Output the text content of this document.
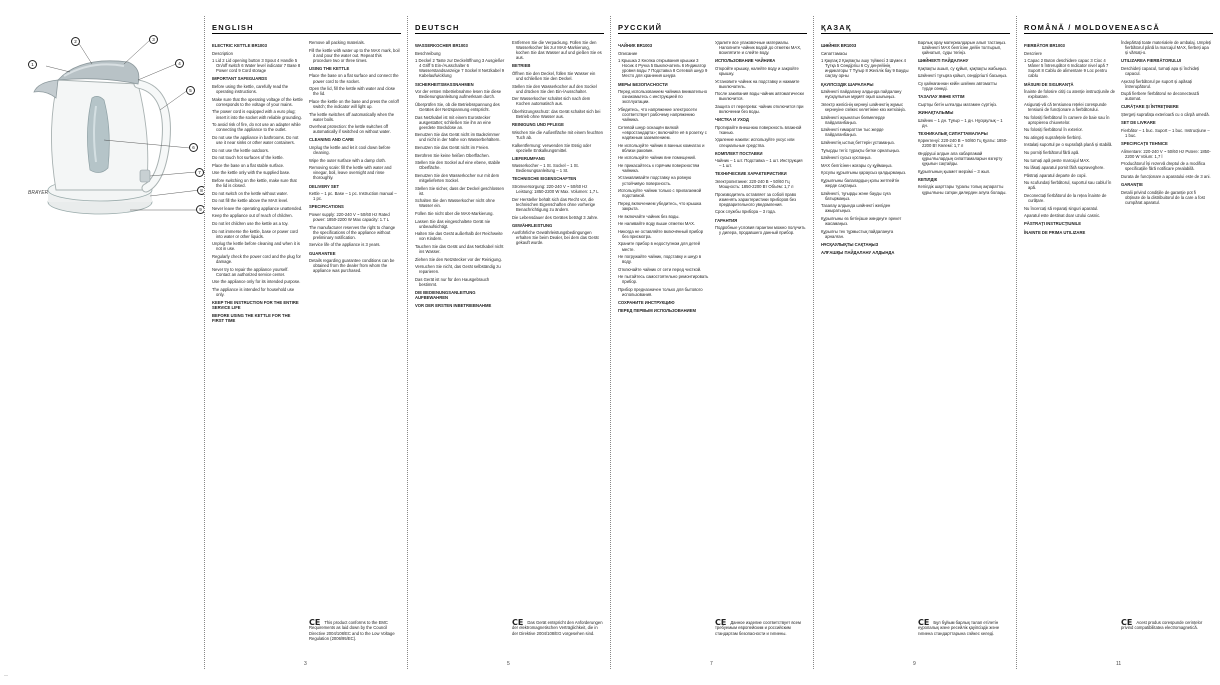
1
2	3
4
5
6
7
8
9
BRAYER
—
ENGLISH

ELECTRIC KETTLE BR1003

Description

1 Lid 2 Lid opening button 3 Spout 4 Handle 5 On/off switch 6 Water level indicator 7 Base 8 Power cord 9 Cord storage

IMPORTANT SAFEGUARDS

Before using the kettle, carefully read the operating instructions.

Make sure that the operating voltage of the kettle corresponds to the voltage of your mains.

The power cord is equipped with a euro plug; insert it into the socket with reliable grounding.

To avoid risk of fire, do not use an adapter while connecting the appliance to the outlet.

Do not use the appliance in bathrooms. Do not use it near sinks or other water containers.

Do not use the kettle outdoors.

Do not touch hot surfaces of the kettle.

Place the base on a flat stable surface.

Use the kettle only with the supplied base.

Before switching on the kettle, make sure that the lid is closed.

Do not switch on the kettle without water.

Do not fill the kettle above the MAX level.

Never leave the operating appliance unattended.

Keep the appliance out of reach of children.

Do not let children use the kettle as a toy.

Do not immerse the kettle, base or power cord into water or other liquids.

Unplug the kettle before cleaning and when it is not in use.

Regularly check the power cord and the plug for damage.

Never try to repair the appliance yourself. Contact an authorized service center.

Use the appliance only for its intended purpose.

The appliance is intended for household use only.

KEEP THE INSTRUCTION FOR THE ENTIRE SERVICE LIFE

BEFORE USING THE KETTLE FOR THE FIRST TIME

Remove all packing materials.

Fill the kettle with water up to the MAX mark, boil it and pour the water out. Repeat this procedure two or three times.

USING THE KETTLE

Place the base on a flat surface and connect the power cord to the socket.

Open the lid, fill the kettle with water and close the lid.

Place the kettle on the base and press the on/off switch; the indicator will light up.

The kettle switches off automatically when the water boils.

Overheat protection: the kettle switches off automatically if switched on without water.

CLEANING AND CARE

Unplug the kettle and let it cool down before cleaning.

Wipe the outer surface with a damp cloth.

Removing scale: fill the kettle with water and vinegar, boil, leave overnight and rinse thoroughly.

DELIVERY SET

Kettle – 1 pc. Base – 1 pc. Instruction manual – 1 pc.

SPECIFICATIONS

Power supply: 220-240 V ~ 50/60 Hz Rated power: 1850-2200 W Max capacity: 1.7 L

The manufacturer reserves the right to change the specifications of the appliance without preliminary notification.

Service life of the appliance is 3 years.

GUARANTEE

Details regarding guarantee conditions can be obtained from the dealer from whom the appliance was purchased.

CE This product conforms to the EMC Requirements as laid down by the Council Directive 2004/108/EC and to the Low Voltage Regulation (2006/95/EC).
3
DEUTSCH

WASSERKOCHER BR1003

Beschreibung

1 Deckel 2 Taste zur Deckelöffnung 3 Ausgießer 4 Griff 5 Ein-/Ausschalter 6 Wasserstandsanzeige 7 Sockel 8 Netzkabel 9 Kabelaufwicklung

SICHERHEITSMASSNAHMEN

Vor der ersten Inbetriebnahme lesen Sie diese Bedienungsanleitung aufmerksam durch.

Überprüfen Sie, ob die Betriebsspannung des Gerätes der Netzspannung entspricht.

Das Netzkabel ist mit einem Eurostecker ausgestattet; schließen Sie ihn an eine geerdete Steckdose an.

Benutzen Sie das Gerät nicht im Badezimmer und nicht in der Nähe von Wasserbehältern.

Benutzen Sie das Gerät nicht im Freien.

Berühren Sie keine heißen Oberflächen.

Stellen Sie den Sockel auf eine ebene, stabile Oberfläche.

Benutzen Sie den Wasserkocher nur mit dem mitgelieferten Sockel.

Stellen Sie sicher, dass der Deckel geschlossen ist.

Schalten Sie den Wasserkocher nicht ohne Wasser ein.

Füllen Sie nicht über die MAX-Markierung.

Lassen Sie das eingeschaltete Gerät nie unbeaufsichtigt.

Halten Sie das Gerät außerhalb der Reichweite von Kindern.

Tauchen Sie das Gerät und das Netzkabel nicht ins Wasser.

Ziehen Sie den Netzstecker vor der Reinigung.

Versuchen Sie nicht, das Gerät selbständig zu reparieren.

Das Gerät ist nur für den Hausgebrauch bestimmt.

DIE BEDIENUNGSANLEITUNG AUFBEWAHREN

VOR DER ERSTEN INBETRIEBNAHME

Entfernen Sie die Verpackung. Füllen Sie den Wasserkocher bis zur MAX-Markierung, kochen Sie das Wasser auf und gießen Sie es aus.

BETRIEB

Öffnen Sie den Deckel, füllen Sie Wasser ein und schließen Sie den Deckel.

Stellen Sie den Wasserkocher auf den Sockel und drücken Sie den Ein-/Ausschalter.

Der Wasserkocher schaltet sich nach dem Kochen automatisch aus.

Überhitzungsschutz: das Gerät schaltet sich bei Betrieb ohne Wasser aus.

REINIGUNG UND PFLEGE

Wischen Sie die Außenfläche mit einem feuchten Tuch ab.

Kalkentfernung: verwenden Sie Essig oder spezielle Entkalkungsmittel.

LIEFERUMFANG

Wasserkocher – 1 St. Sockel – 1 St. Bedienungsanleitung – 1 St.

TECHNISCHE EIGENSCHAFTEN

Stromversorgung: 220-240 V ~ 50/60 Hz Leistung: 1850-2200 W Max. Volumen: 1,7 L

Der Hersteller behält sich das Recht vor, die technischen Eigenschaften ohne vorherige Benachrichtigung zu ändern.

Die Lebensdauer des Gerätes beträgt 3 Jahre.

GEWÄHRLEISTUNG

Ausführliche Gewährleistungsbedingungen erhalten Sie beim Dealer, bei dem das Gerät gekauft wurde.

CE Das Gerät entspricht den Anforderungen der elektromagnetischen Verträglichkeit, die in der Direktive 2004/108/EG vorgesehen sind.
5
РУССКИЙ

ЧАЙНИК BR1003

Описание

1 Крышка 2 Кнопка открывания крышки 3 Носик 4 Ручка 5 Выключатель 6 Индикатор уровня воды 7 Подставка 8 Сетевой шнур 9 Место для хранения шнура

МЕРЫ БЕЗОПАСНОСТИ

Перед использованием чайника внимательно ознакомьтесь с инструкцией по эксплуатации.

Убедитесь, что напряжение электросети соответствует рабочему напряжению чайника.

Сетевой шнур оснащён вилкой «евростандарта»; включайте её в розетку с надёжным заземлением.

Не используйте чайник в ванных комнатах и вблизи раковин.

Не используйте чайник вне помещений.

Не прикасайтесь к горячим поверхностям чайника.

Устанавливайте подставку на ровную устойчивую поверхность.

Используйте чайник только с прилагаемой подставкой.

Перед включением убедитесь, что крышка закрыта.

Не включайте чайник без воды.

Не наливайте воду выше отметки MAX.

Никогда не оставляйте включённый прибор без присмотра.

Храните прибор в недоступном для детей месте.

Не погружайте чайник, подставку и шнур в воду.

Отключайте чайник от сети перед чисткой.

Не пытайтесь самостоятельно ремонтировать прибор.

Прибор предназначен только для бытового использования.

СОХРАНИТЕ ИНСТРУКЦИЮ

ПЕРЕД ПЕРВЫМ ИСПОЛЬЗОВАНИЕМ

Удалите все упаковочные материалы. Наполните чайник водой до отметки MAX, вскипятите и слейте воду.

ИСПОЛЬЗОВАНИЕ ЧАЙНИКА

Откройте крышку, налейте воду и закройте крышку.

Установите чайник на подставку и нажмите выключатель.

После закипания воды чайник автоматически выключится.

Защита от перегрева: чайник отключится при включении без воды.

ЧИСТКА И УХОД

Протирайте внешнюю поверхность влажной тканью.

Удаление накипи: используйте уксус или специальные средства.

КОМПЛЕКТ ПОСТАВКИ

Чайник – 1 шт. Подставка – 1 шт. Инструкция – 1 шт.

ТЕХНИЧЕСКИЕ ХАРАКТЕРИСТИКИ

Электропитание: 220-240 В ~ 50/60 Гц Мощность: 1850-2200 Вт Объём: 1,7 л

Производитель оставляет за собой право изменять характеристики приборов без предварительного уведомления.

Срок службы прибора – 3 года.

ГАРАНТИЯ

Подробные условия гарантии можно получить у дилера, продавшего данный прибор.

CE Данное изделие соответствует всем требуемым европейским и российским стандартам безопасности и гигиены.
7
ҚАЗАҚ

ШӘЙНЕК BR1003

Сипаттамасы

1 Қақпақ 2 Қақпақты ашу түймесі 3 Шүмек 4 Тұтқа 5 Сөндіргіш 6 Су деңгейінің индикаторы 7 Тұғыр 8 Желілік бау 9 Бауды сақтау орны

ҚАУІПСІЗДІК ШАРАЛАРЫ

Шәйнекті пайдалану алдында пайдалану нұсқаулығын мұқият оқып шығыңыз.

Электр желісінің кернеуі шәйнектің жұмыс кернеуіне сәйкес келетініне көз жеткізіңіз.

Шәйнекті жуынатын бөлмелерде пайдаланбаңыз.

Шәйнекті ғимараттан тыс жерде пайдаланбаңыз.

Шәйнектің ыстық беттерін ұстамаңыз.

Тұғырды тегіс тұрақты бетке орнатыңыз.

Шәйнекті сусыз қоспаңыз.

MAX белгісінен жоғары су құймаңыз.

Қосулы құрылғыны қараусыз қалдырмаңыз.

Құрылғыны балалардың қолы жетпейтін жерде сақтаңыз.

Шәйнекті, тұғырды және бауды суға батырмаңыз.

Тазалау алдында шәйнекті желіден ажыратыңыз.

Құрылғыны өз бетіңізше жөндеуге әрекет жасамаңыз.

Құрылғы тек тұрмыстық пайдалануға арналған.

НҰСҚАУЛЫҚТЫ САҚТАҢЫЗ

АЛҒАШҚЫ ПАЙДАЛАНУ АЛДЫНДА

Барлық орау материалдарын алып тастаңыз. Шәйнекті MAX белгісіне дейін толтырып, қайнатып, суды төгіңіз.

ШӘЙНЕКТІ ПАЙДАЛАНУ

Қақпақты ашып, су құйып, қақпақты жабыңыз.

Шәйнекті тұғырға қойып, сөндіргішті басыңыз.

Су қайнағаннан кейін шәйнек автоматты түрде сөнеді.

ТАЗАЛАУ ЖӘНЕ КҮТІМ

Сыртқы бетін ылғалды матамен сүртіңіз.

ЖИНАҚТАЛЫМЫ

Шәйнек – 1 дн. Тұғыр – 1 дн. Нұсқаулық – 1 дн.

ТЕХНИКАЛЫҚ СИПАТТАМАЛАРЫ

Қоректенуі: 220-240 В ~ 50/60 Гц Қуаты: 1850-2200 Вт Көлемі: 1,7 л

Өндіруші алдын ала хабарламай құрылғылардың сипаттамаларын өзгерту құқығын сақтайды.

Құрылғының қызмет мерзімі – 3 жыл.

КЕПІЛДІК

Кепілдік шарттары туралы толық ақпаратты құрылғыны сатқан дилерден алуға болады.

CE Бұл бұйым барлық талап етілетін еуропалық және ресейлік қауіпсіздік және гигиена стандарттарына сәйкес келеді.
9
ROMÂNĂ / MOLDOVENEASCĂ

FIERBĂTOR BR1003

Descriere

1 Capac 2 Buton deschidere capac 3 Cioc 4 Mâner 5 Întrerupător 6 Indicator nivel apă 7 Suport 8 Cablu de alimentare 9 Loc pentru cablu

MĂSURI DE SIGURANȚĂ

Înainte de folosire citiți cu atenție instrucțiunile de exploatare.

Asigurați-vă că tensiunea rețelei corespunde tensiunii de funcționare a fierbătorului.

Nu folosiți fierbătorul în camere de baie sau în apropierea chiuvetelor.

Nu folosiți fierbătorul în exterior.

Nu atingeți suprafețele fierbinți.

Instalați suportul pe o suprafață plană și stabilă.

Nu porniți fierbătorul fără apă.

Nu turnați apă peste marcajul MAX.

Nu lăsați aparatul pornit fără supraveghere.

Păstrați aparatul departe de copii.

Nu scufundați fierbătorul, suportul sau cablul în apă.

Deconectați fierbătorul de la rețea înainte de curățare.

Nu încercați să reparați singuri aparatul.

Aparatul este destinat doar uzului casnic.

PĂSTRAȚI INSTRUCȚIUNILE

ÎNAINTE DE PRIMA UTILIZARE

Îndepărtați toate materialele de ambalaj. Umpleți fierbătorul până la marcajul MAX, fierbeți apa și vărsați-o.

UTILIZAREA FIERBĂTORULUI

Deschideți capacul, turnați apa și închideți capacul.

Așezați fierbătorul pe suport și apăsați întrerupătorul.

După fierbere fierbătorul se deconectează automat.

CURĂȚARE ȘI ÎNTREȚINERE

Ștergeți suprafața exterioară cu o cârpă umedă.

SET DE LIVRARE

Fierbător – 1 buc. Suport – 1 buc. Instrucțiune – 1 buc.

SPECIFICAȚII TEHNICE

Alimentare: 220-240 V ~ 50/60 Hz Putere: 1850-2200 W Volum: 1,7 l

Producătorul își rezervă dreptul de a modifica specificațiile fără notificare prealabilă.

Durata de funcționare a aparatului este de 3 ani.

GARANȚIE

Detalii privind condițiile de garanție pot fi obținute de la distribuitorul de la care a fost cumpărat aparatul.

CE Acest produs corespunde cerințelor privind compatibilitatea electromagnetică.
11
